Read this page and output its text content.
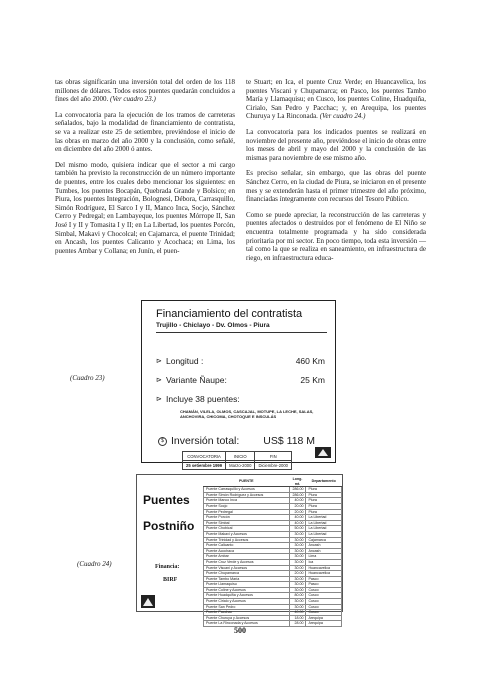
tas obras significarán una inversión total del orden de los 118 millones de dólares. Todos estos puentes quedarán concluidos a fines del año 2000. (Ver cuadro 23.)

La convocatoria para la ejecución de los tramos de carreteras señalados, bajo la modalidad de financiamiento de contratista, se va a realizar este 25 de setiembre, previéndose el inicio de las obras en marzo del año 2000 y la conclusión, como señalé, en diciembre del año 2000 ó antes.

Del mismo modo, quisiera indicar que el sector a mi cargo también ha previsto la reconstrucción de un número importante de puentes, entre los cuales debo mencionar los siguientes: en Tumbes, los puentes Bocapán, Quebrada Grande y Bolsico; en Piura, los puentes Integración, Bolognesi, Débora, Carrasquillo, Simón Rodríguez, El Sarco I y II, Manco Inca, Socjo, Sánchez Cerro y Pedregal; en Lambayeque, los puentes Mórrope II, San José I y II y Tomasita I y II; en La Libertad, los puentes Porcón, Simbal, Makavi y Chocolcal; en Cajamarca, el puente Trinidad; en Ancash, los puentes Calicanto y Acochaca; en Lima, los puentes Ambar y Collana; en Junín, el puen-

te Stuart; en Ica, el puente Cruz Verde; en Huancavelica, los puentes Viscani y Chupamarca; en Pasco, los puentes Tambo María y Llamaquisu; en Cusco, los puentes Coline, Huadquiña, Cirialo, San Pedro y Pacchac; y, en Arequipa, los puentes Churuya y La Rinconada. (Ver cuadro 24.)

La convocatoria para los indicados puentes se realizará en noviembre del presente año, previéndose el inicio de obras entre los meses de abril y mayo del 2000 y la conclusión de las mismas para noviembre de ese mismo año.

Es preciso señalar, sin embargo, que las obras del puente Sánchez Cerro, en la ciudad de Piura, se iniciaron en el presente mes y se extenderán hasta el primer trimestre del año próximo, financiadas íntegramente con recursos del Tesoro Público.

Como se puede apreciar, la reconstrucción de las carreteras y puentes afectados o destruidos por el fenómeno de El Niño se encuentra totalmente programada y ha sido considerada prioritaria por mi sector. En poco tiempo, toda esta inversión —tal como la que se realiza en saneamiento, en infraestructura de riego, en infraestructura educa-

(Cuadro 23)
Financiamiento del contratista
Trujillo - Chiclayo - Dv. Olmos - Piura
⊳ Longitud :	460 Km
⊳ Variante Ñaupe:	25 Km
⊳ Incluye 38 puentes:
CHAMÁN, VILELA, OLMOS, CASCAJAL, MOTUPE, LA LECHE, SALAS, ANCHOVIRA, CHICOMA, CHOTOQUE E INSCULÁS
$ Inversión total: US$ 118 M
CONVOCATORIA	INICIO	FIN
25 setiembre 1999	Marzo-2000	Diciembre-2000
(Cuadro 24)
Puentes
Postniño
Financia:
BIRF
PUENTE	Long. mt.	Departamento
Puente Carrasquillo y Accesos	286.00	Piura
Puente Simón Rodríguez y Accesos	286.00	Piura
Puente Manco Inca	40.00	Piura
Puente Socjo	20.00	Piura
Puente Pedregal	20.00	Piura
Puente Porcón	40.00	La Libertad
Puente Simbal	40.00	La Libertad
Puente Chobical	50.00	La Libertad
Puente Makavi y Accesos	30.00	La Libertad
Puente Trinidad y Accesos	30.00	Cajamarca
Puente Calicanto	30.00	Ancash
Puente Acochaca	30.00	Ancash
Puente Ambar	30.00	Lima
Puente Cruz Verde y Accesos	30.00	Ica
Puente Viscani y Accesos	30.00	Huancavelica
Puente Chupamarca	20.00	Huancavelica
Puente Tambo María	30.00	Pasco
Puente Llamaquisu	30.00	Pasco
Puente Coline y Accesos	30.00	Cusco
Puente Huadquiña y Accesos	80.00	Cusco
Puente Cirialo y Accesos	30.00	Cusco
Puente San Pedro	30.00	Cusco
Puente Pacchac	40.00	Cusco
Puente Churuya y Accesos	18.00	Arequipa
Puente La Rinconada y Accesos	28.00	Arequipa
500
